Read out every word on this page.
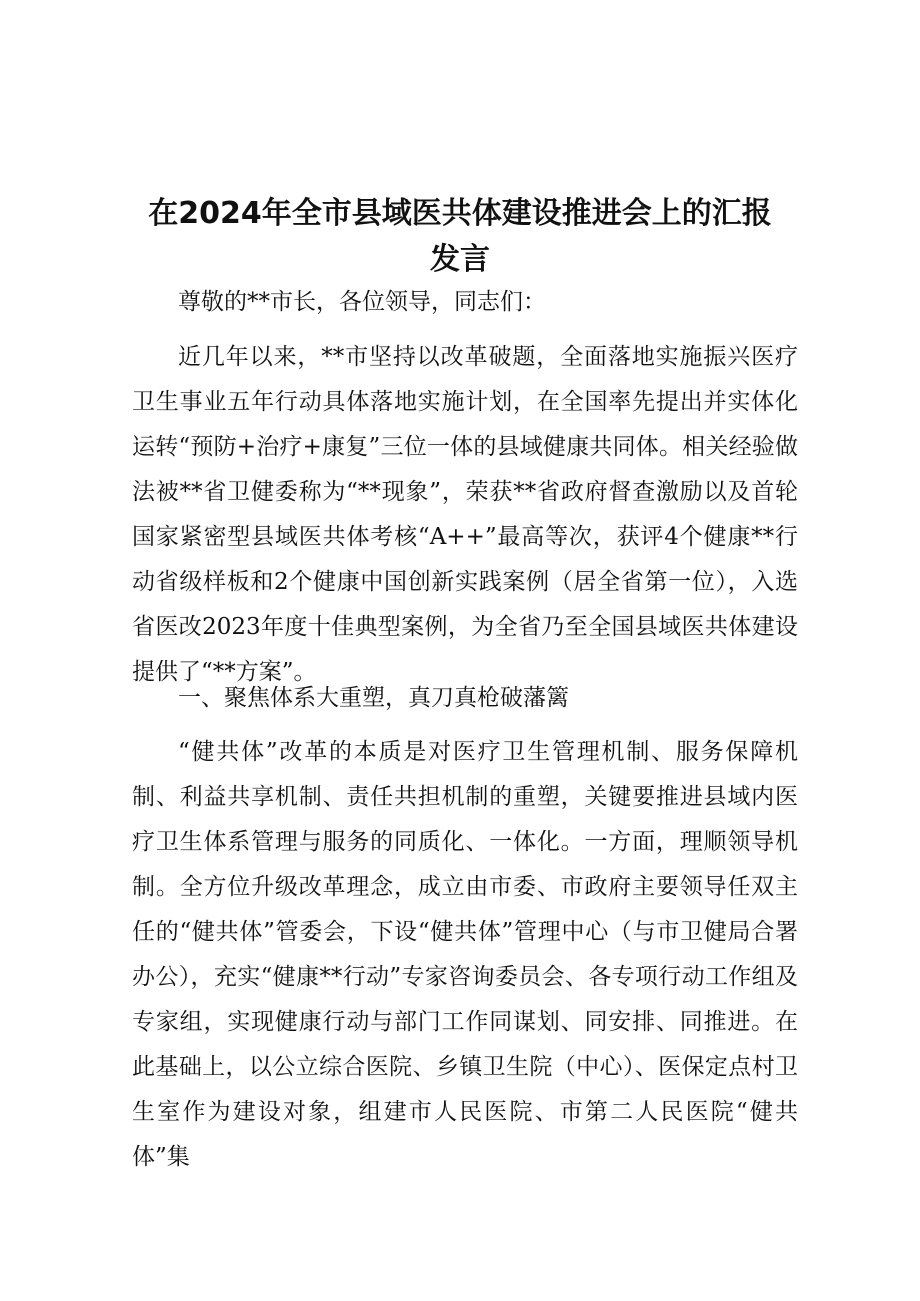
在2024年全市县域医共体建设推进会上的汇报
发言

尊敬的**市长，各位领导，同志们：

近几年以来，**市坚持以改革破题，全面落地实施振兴医疗卫生事业五年行动具体落地实施计划，在全国率先提出并实体化运转“预防+治疗+康复”三位一体的县域健康共同体。相关经验做法被**省卫健委称为“**现象”，荣获**省政府督查激励以及首轮国家紧密型县域医共体考核“A++”最高等次，获评4个健康**行动省级样板和2个健康中国创新实践案例（居全省第一位），入选省医改2023年度十佳典型案例，为全省乃至全国县域医共体建设提供了“**方案”。

一、聚焦体系大重塑，真刀真枪破藩篱

“健共体”改革的本质是对医疗卫生管理机制、服务保障机制、利益共享机制、责任共担机制的重塑，关键要推进县域内医疗卫生体系管理与服务的同质化、一体化。一方面，理顺领导机制。全方位升级改革理念，成立由市委、市政府主要领导任双主任的“健共体”管委会，下设“健共体”管理中心（与市卫健局合署办公），充实“健康**行动”专家咨询委员会、各专项行动工作组及专家组，实现健康行动与部门工作同谋划、同安排、同推进。在此基础上，以公立综合医院、乡镇卫生院（中心）、医保定点村卫生室作为建设对象，组建市人民医院、市第二人民医院“健共体”集
